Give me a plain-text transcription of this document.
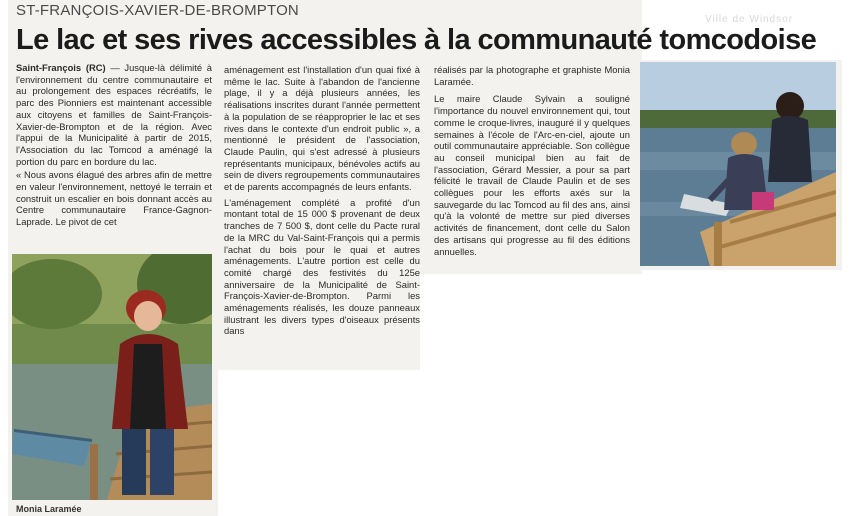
Ville de Windsor
ST-FRANÇOIS-XAVIER-DE-BROMPTON
Le lac et ses rives accessibles à la communauté tomcodoise

Saint-François (RC) — Jusque-là délimité à l'environnement du centre communautaire et au prolongement des espaces récréatifs, le parc des Pionniers est maintenant accessible aux citoyens et familles de Saint-François-Xavier-de-Brompton et de la région. Avec l'appui de la Municipalité à partir de 2015, l'Association du lac Tomcod a aménagé la portion du parc en bordure du lac.

« Nous avons élagué des arbres afin de mettre en valeur l'environnement, nettoyé le terrain et construit un escalier en bois donnant accès au Centre communautaire France-Gagnon-Laprade. Le pivot de cet

aménagement est l'installation d'un quai fixé à même le lac. Suite à l'abandon de l'ancienne plage, il y a déjà plusieurs années, les réalisations inscrites durant l'année permettent à la population de se réapproprier le lac et ses rives dans le contexte d'un endroit public », a mentionné le président de l'association, Claude Paulin, qui s'est adressé à plusieurs représentants municipaux, bénévoles actifs au sein de divers regroupements communautaires et de parents accompagnés de leurs enfants.

L'aménagement complété a profité d'un montant total de 15 000 $ provenant de deux tranches de 7 500 $, dont celle du Pacte rural de la MRC du Val-Saint-François qui a permis l'achat du bois pour le quai et autres aménagements. L'autre portion est celle du comité chargé des festivités du 125e anniversaire de la Municipalité de Saint-François-Xavier-de-Brompton. Parmi les aménagements réalisés, les douze panneaux illustrant les divers types d'oiseaux présents dans

réalisés par la photographe et graphiste Monia Laramée.

Le maire Claude Sylvain a souligné l'importance du nouvel environnement qui, tout comme le croque-livres, inauguré il y quelques semaines à l'école de l'Arc-en-ciel, ajoute un outil communautaire appréciable. Son collègue au conseil municipal bien au fait de l'association, Gérard Messier, a pour sa part félicité le travail de Claude Paulin et de ses collègues pour les efforts axés sur la sauvegarde du lac Tomcod au fil des ans, ainsi qu'à la volonté de mettre sur pied diverses activités de financement, dont celle du Salon des artisans qui progresse au fil des éditions annuelles.

Monia Laramée
